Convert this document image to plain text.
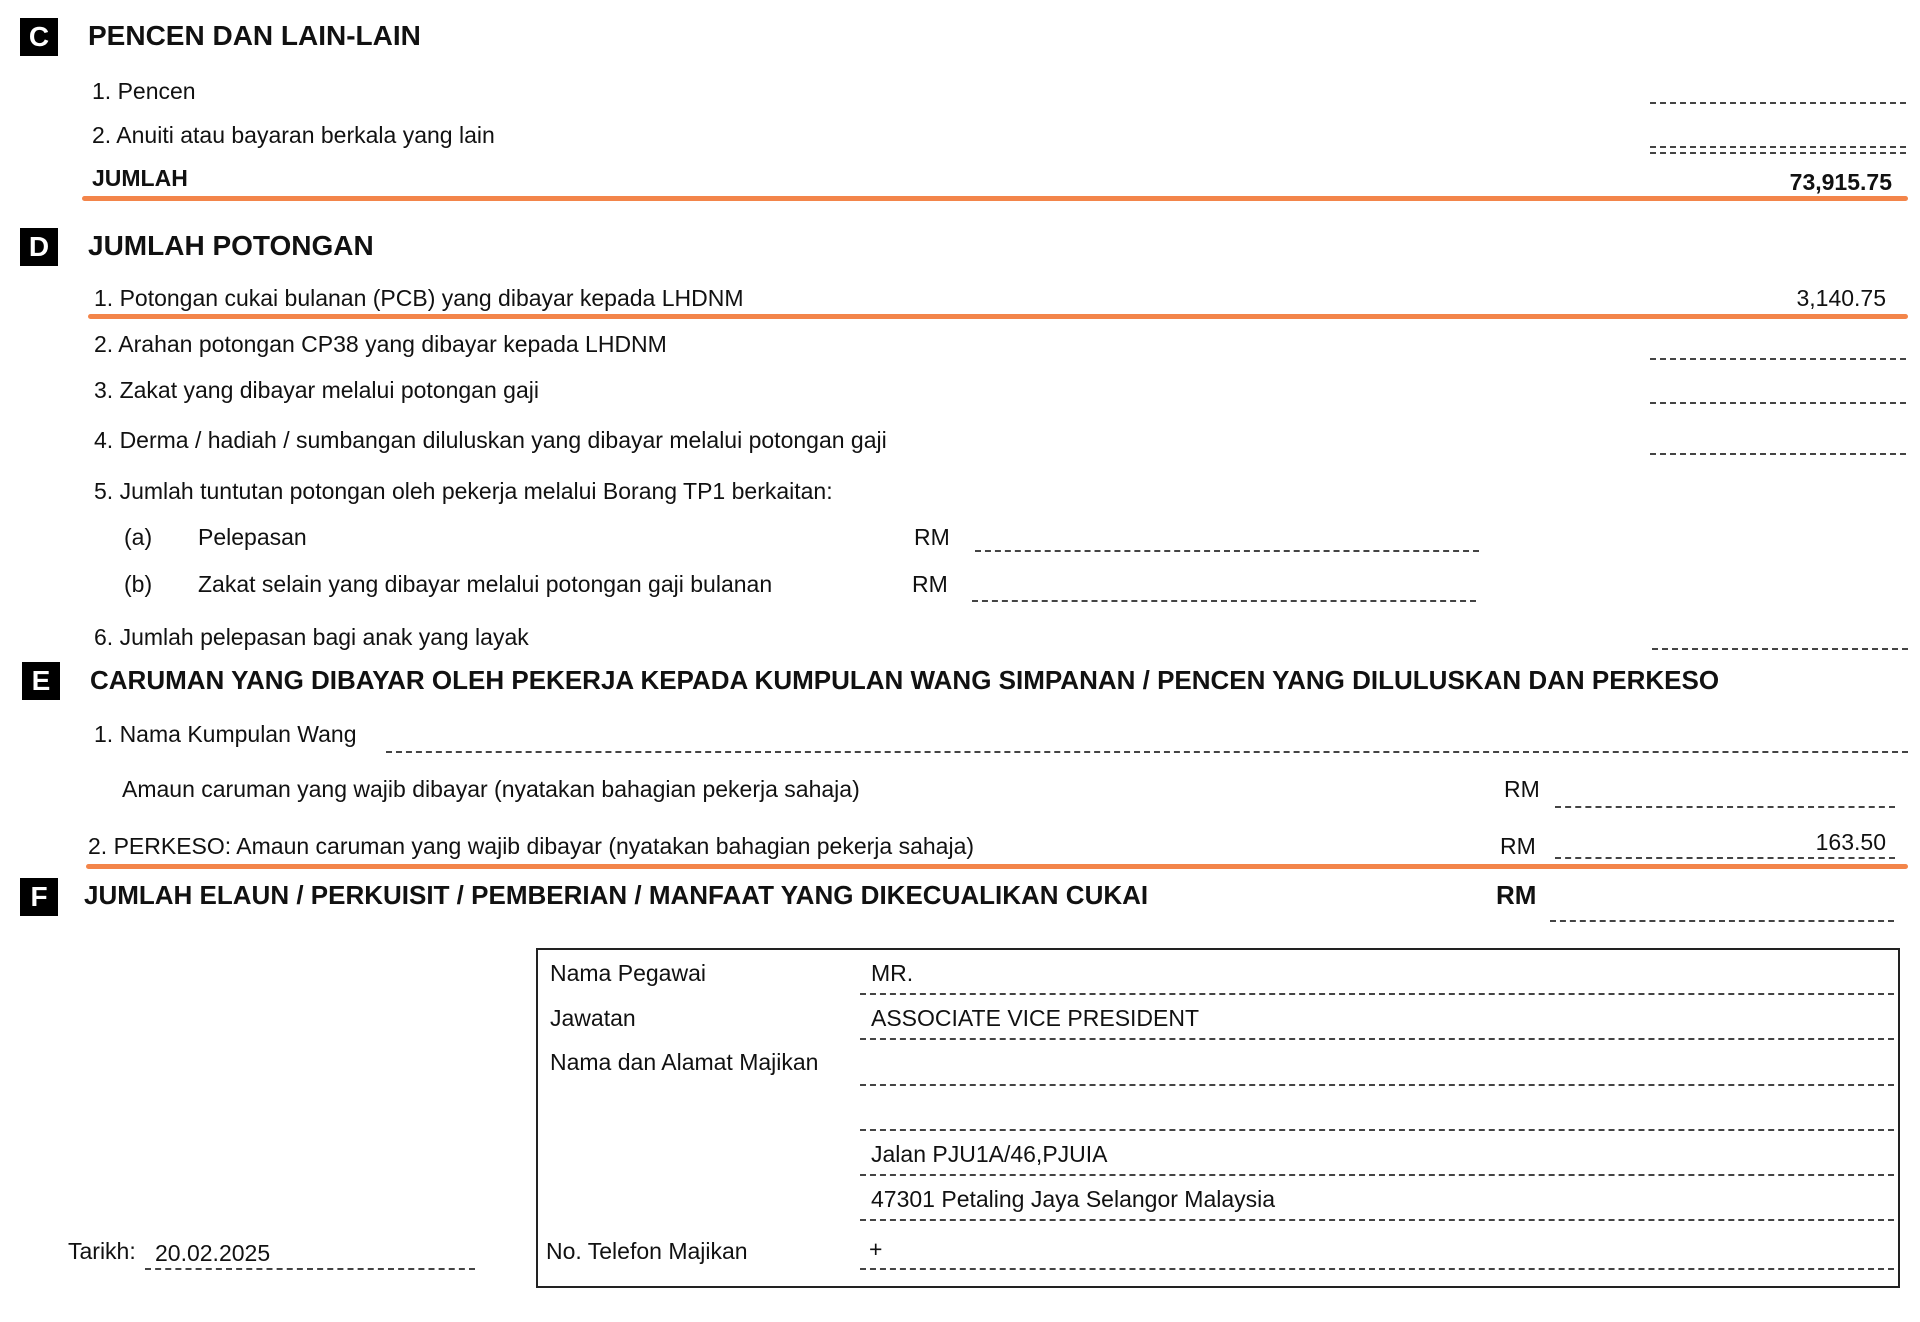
C	PENCEN DAN LAIN-LAIN
1. Pencen
2. Anuiti atau bayaran berkala yang lain
JUMLAH	73,915.75
D	JUMLAH POTONGAN
1. Potongan cukai bulanan (PCB) yang dibayar kepada LHDNM	3,140.75
2. Arahan potongan CP38 yang dibayar kepada LHDNM
3. Zakat yang dibayar melalui potongan gaji
4. Derma / hadiah / sumbangan diluluskan yang dibayar melalui potongan gaji
5. Jumlah tuntutan potongan oleh pekerja melalui Borang TP1 berkaitan:
(a) Pelepasan	RM
(b) Zakat selain yang dibayar melalui potongan gaji bulanan	RM
6. Jumlah pelepasan bagi anak yang layak
E	CARUMAN YANG DIBAYAR OLEH PEKERJA KEPADA KUMPULAN WANG SIMPANAN / PENCEN YANG DILULUSKAN DAN PERKESO
1. Nama Kumpulan Wang
Amaun caruman yang wajib dibayar (nyatakan bahagian pekerja sahaja)	RM
2. PERKESO: Amaun caruman yang wajib dibayar (nyatakan bahagian pekerja sahaja)	RM	163.50
F	JUMLAH ELAUN / PERKUISIT / PEMBERIAN / MANFAAT YANG DIKECUALIKAN CUKAI	RM
Nama Pegawai	MR.
Jawatan	ASSOCIATE VICE PRESIDENT
Nama dan Alamat Majikan
Jalan PJU1A/46,PJUIA
47301 Petaling Jaya Selangor Malaysia
No. Telefon Majikan	+
Tarikh: 20.02.2025
